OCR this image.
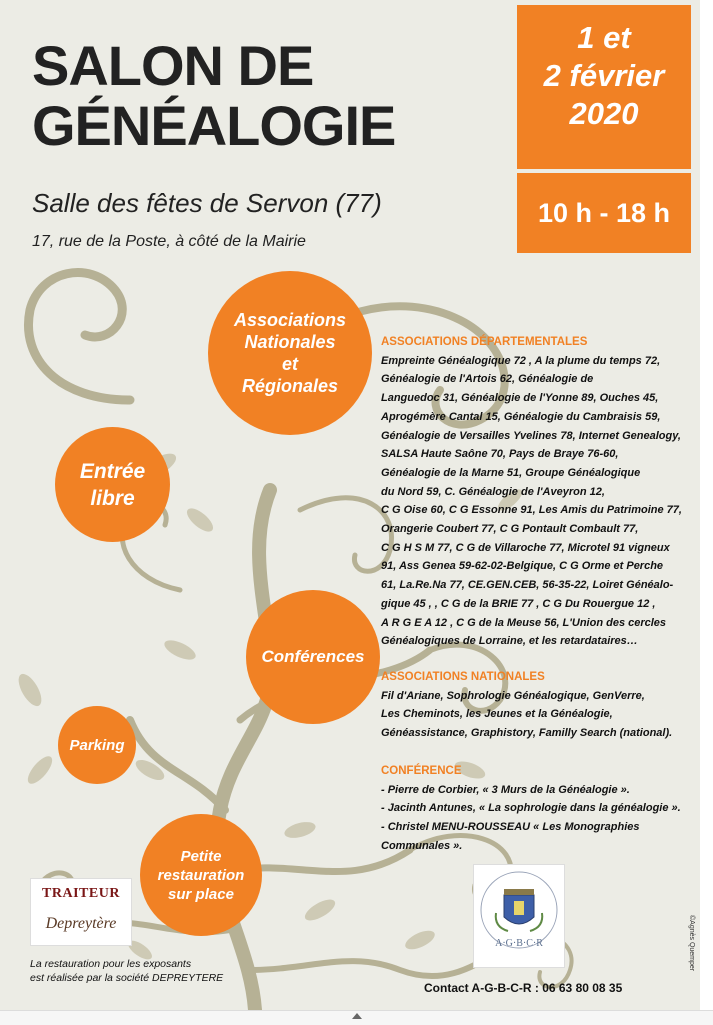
SALON DE
GÉNÉALOGIE
Salle des fêtes de Servon (77)
17, rue de la Poste, à côté de la Mairie
1 et
2 février
2020
10 h - 18 h
Associations
Nationales
et
Régionales
Entrée
libre
Conférences
Parking
Petite
restauration
sur place
ASSOCIATIONS DÉPARTEMENTALES
Empreinte Généalogique 72 , A la plume du temps 72,
Généalogie de l'Artois 62, Généalogie de
Languedoc 31, Généalogie de l'Yonne 89, Ouches 45,
Aprogémère Cantal 15, Généalogie du Cambraisis 59,
Généalogie de Versailles Yvelines 78, Internet Genealogy,
SALSA Haute Saône 70, Pays de Braye 76-60,
Généalogie de la Marne 51, Groupe Généalogique
du Nord 59, C. Généalogie de l'Aveyron 12,
C G Oise 60, C G Essonne 91, Les Amis du Patrimoine 77,
Orangerie Coubert 77, C G Pontault Combault 77,
C G H S M 77, C G de Villaroche 77, Microtel 91 vigneux
91, Ass Genea 59-62-02-Belgique, C G Orme et Perche
61, La.Re.Na 77, CE.GEN.CEB, 56-35-22, Loiret Généalo-
gique 45 , , C G de la BRIE 77 , C G Du Rouergue 12 ,
A R G E A 12 , C G de la Meuse 56, L'Union des cercles
Généalogiques de Lorraine, et les retardataires…
ASSOCIATIONS NATIONALES
Fil d'Ariane, Sophrologie Généalogique, GenVerre,
Les Cheminots, les Jeunes et la Généalogie,
Généassistance, Graphistory, Familly Search (national).
CONFÉRENCE
- Pierre de Corbier, « 3 Murs de la Généalogie ».
- Jacinth Antunes, « La sophrologie dans la généalogie ».
- Christel MENU-ROUSSEAU « Les Monographies
Communales ».
TRAITEUR
Depreytère
La restauration pour les exposants
est réalisée par la société DEPREYTERE
A·G·B·C·R
Contact A-G-B-C-R : 06 63 80 08 35
